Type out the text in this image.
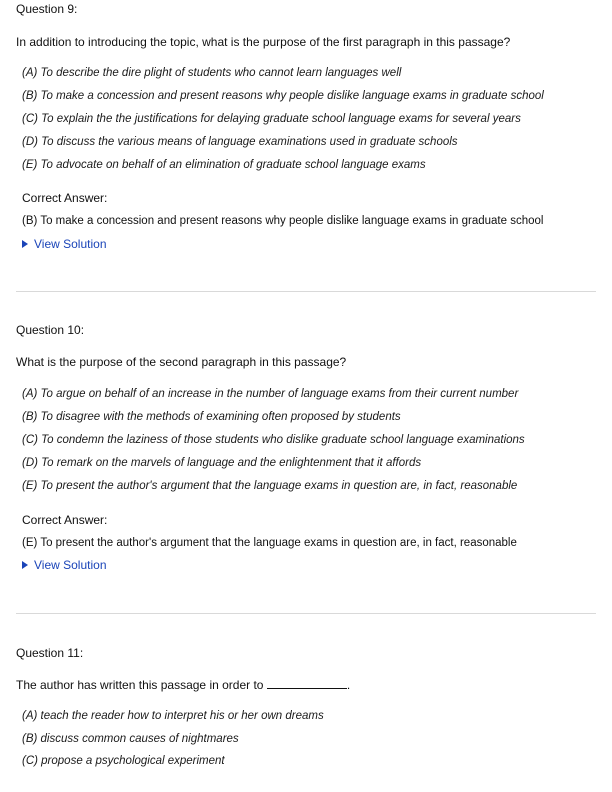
Question 9:
In addition to introducing the topic, what is the purpose of the first paragraph in this passage?
(A) To describe the dire plight of students who cannot learn languages well
(B) To make a concession and present reasons why people dislike language exams in graduate school
(C) To explain the the justifications for delaying graduate school language exams for several years
(D) To discuss the various means of language examinations used in graduate schools
(E) To advocate on behalf of an elimination of graduate school language exams
Correct Answer:
(B) To make a concession and present reasons why people dislike language exams in graduate school
View Solution
Question 10:
What is the purpose of the second paragraph in this passage?
(A) To argue on behalf of an increase in the number of language exams from their current number
(B) To disagree with the methods of examining often proposed by students
(C) To condemn the laziness of those students who dislike graduate school language examinations
(D) To remark on the marvels of language and the enlightenment that it affords
(E) To present the author's argument that the language exams in question are, in fact, reasonable
Correct Answer:
(E) To present the author's argument that the language exams in question are, in fact, reasonable
View Solution
Question 11:
The author has written this passage in order to	.
(A) teach the reader how to interpret his or her own dreams
(B) discuss common causes of nightmares
(C) propose a psychological experiment
